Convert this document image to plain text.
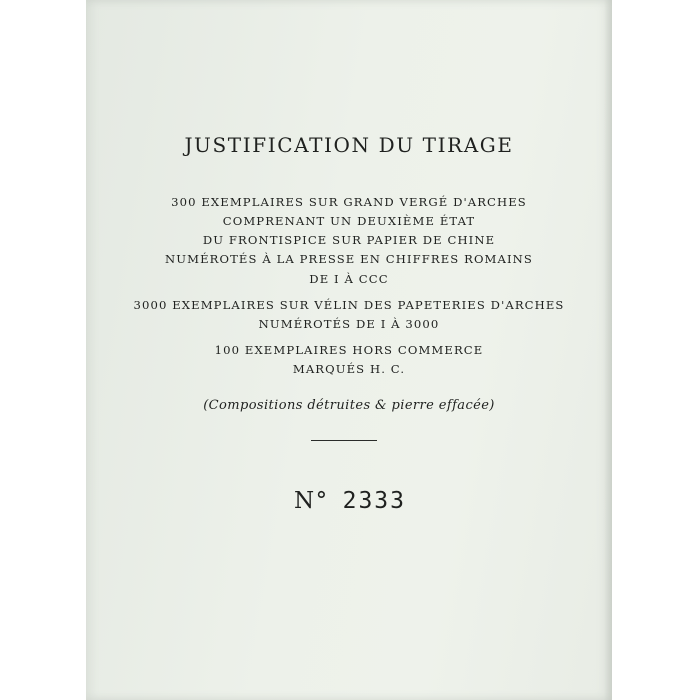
JUSTIFICATION DU TIRAGE
300 EXEMPLAIRES SUR GRAND VERGÉ D'ARCHES
COMPRENANT UN DEUXIÈME ÉTAT
DU FRONTISPICE SUR PAPIER DE CHINE
NUMÉROTÉS À LA PRESSE EN CHIFFRES ROMAINS
DE I À CCC
3000 EXEMPLAIRES SUR VÉLIN DES PAPETERIES D'ARCHES
NUMÉROTÉS DE I À 3000
100 EXEMPLAIRES HORS COMMERCE
MARQUÉS H. C.
(Compositions détruites & pierre effacée)
N° 2333
